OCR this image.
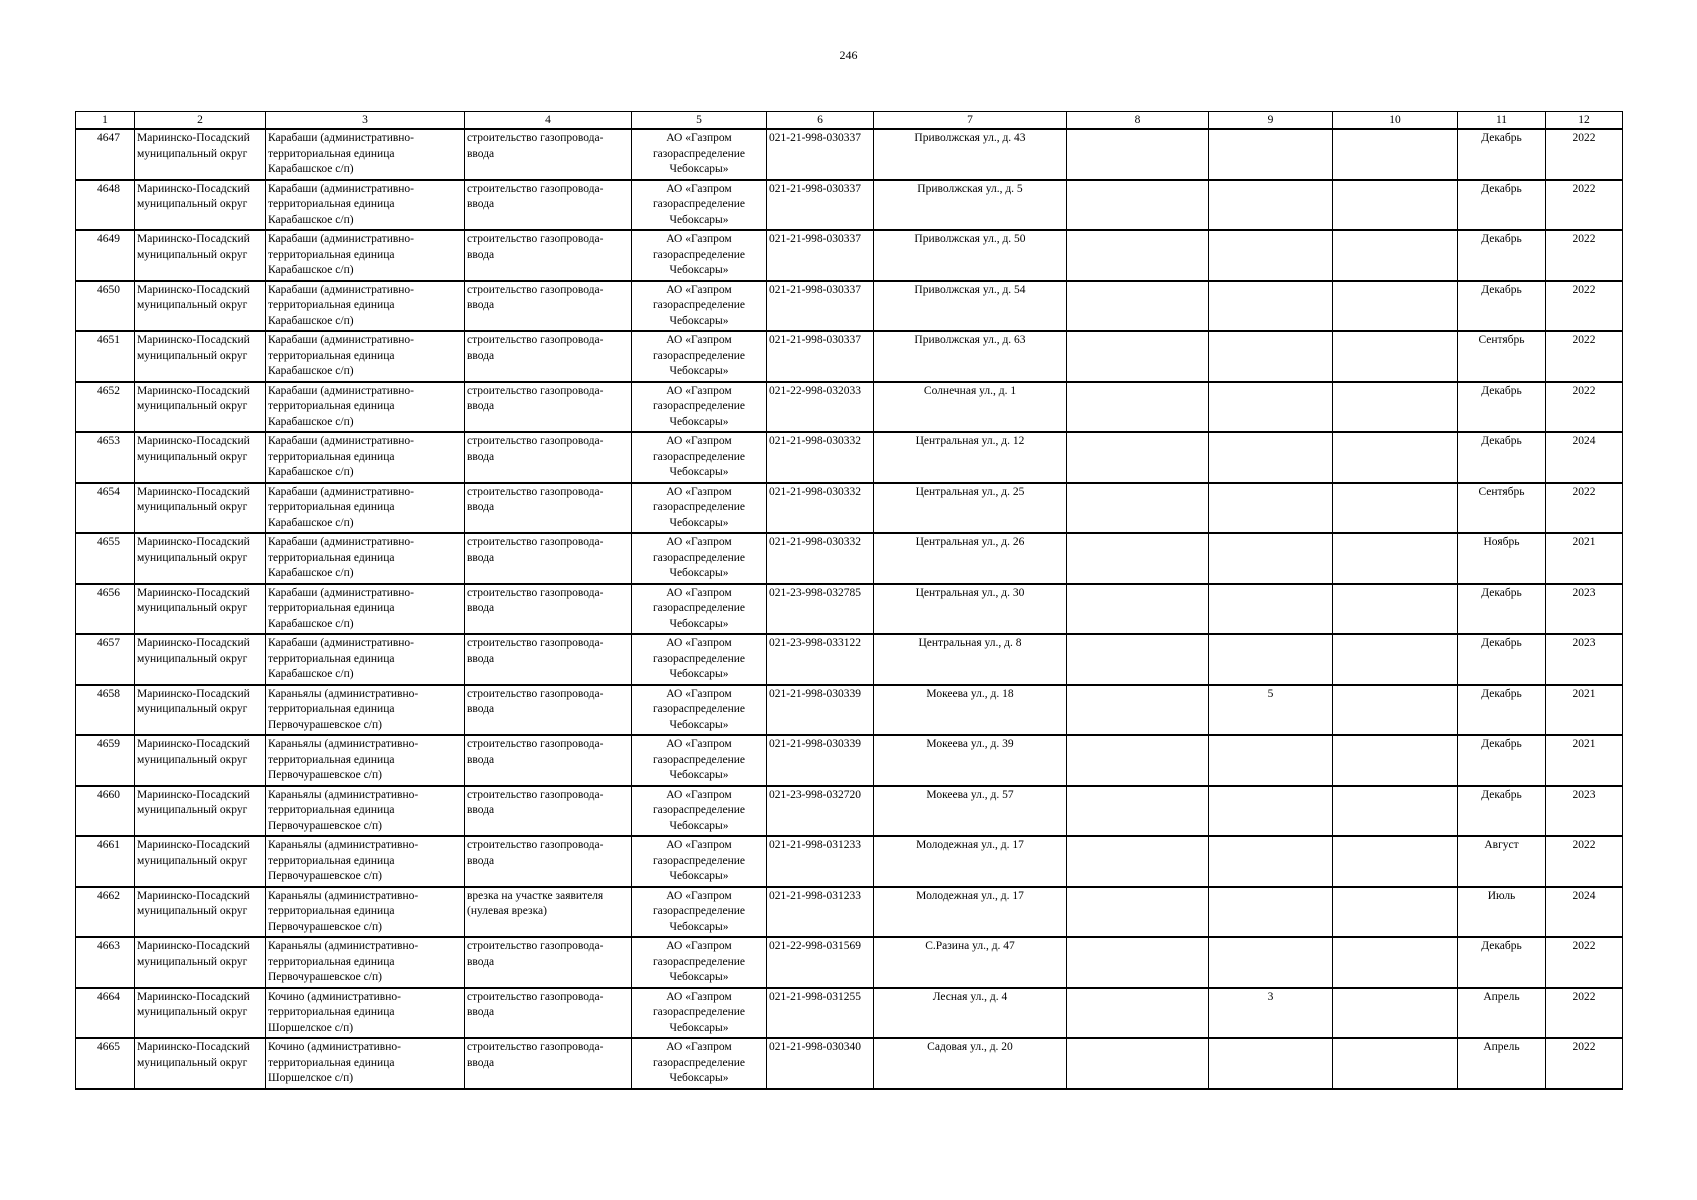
246
1	2	3	4	5	6	7	8	9	10	11	12
4647	Мариинско-Посадский
муниципальный округ	Карабаши (административно-
территориальная единица
Карабашское с/п)	строительство газопровода-
ввода	АО «Газпром
газораспределение
Чебоксары»	021-21-998-030337	Приволжская ул., д. 43				Декабрь	2022
4648	Мариинско-Посадский
муниципальный округ	Карабаши (административно-
территориальная единица
Карабашское с/п)	строительство газопровода-
ввода	АО «Газпром
газораспределение
Чебоксары»	021-21-998-030337	Приволжская ул., д. 5				Декабрь	2022
4649	Мариинско-Посадский
муниципальный округ	Карабаши (административно-
территориальная единица
Карабашское с/п)	строительство газопровода-
ввода	АО «Газпром
газораспределение
Чебоксары»	021-21-998-030337	Приволжская ул., д. 50				Декабрь	2022
4650	Мариинско-Посадский
муниципальный округ	Карабаши (административно-
территориальная единица
Карабашское с/п)	строительство газопровода-
ввода	АО «Газпром
газораспределение
Чебоксары»	021-21-998-030337	Приволжская ул., д. 54				Декабрь	2022
4651	Мариинско-Посадский
муниципальный округ	Карабаши (административно-
территориальная единица
Карабашское с/п)	строительство газопровода-
ввода	АО «Газпром
газораспределение
Чебоксары»	021-21-998-030337	Приволжская ул., д. 63				Сентябрь	2022
4652	Мариинско-Посадский
муниципальный округ	Карабаши (административно-
территориальная единица
Карабашское с/п)	строительство газопровода-
ввода	АО «Газпром
газораспределение
Чебоксары»	021-22-998-032033	Солнечная ул., д. 1				Декабрь	2022
4653	Мариинско-Посадский
муниципальный округ	Карабаши (административно-
территориальная единица
Карабашское с/п)	строительство газопровода-
ввода	АО «Газпром
газораспределение
Чебоксары»	021-21-998-030332	Центральная ул., д. 12				Декабрь	2024
4654	Мариинско-Посадский
муниципальный округ	Карабаши (административно-
территориальная единица
Карабашское с/п)	строительство газопровода-
ввода	АО «Газпром
газораспределение
Чебоксары»	021-21-998-030332	Центральная ул., д. 25				Сентябрь	2022
4655	Мариинско-Посадский
муниципальный округ	Карабаши (административно-
территориальная единица
Карабашское с/п)	строительство газопровода-
ввода	АО «Газпром
газораспределение
Чебоксары»	021-21-998-030332	Центральная ул., д. 26				Ноябрь	2021
4656	Мариинско-Посадский
муниципальный округ	Карабаши (административно-
территориальная единица
Карабашское с/п)	строительство газопровода-
ввода	АО «Газпром
газораспределение
Чебоксары»	021-23-998-032785	Центральная ул., д. 30				Декабрь	2023
4657	Мариинско-Посадский
муниципальный округ	Карабаши (административно-
территориальная единица
Карабашское с/п)	строительство газопровода-
ввода	АО «Газпром
газораспределение
Чебоксары»	021-23-998-033122	Центральная ул., д. 8				Декабрь	2023
4658	Мариинско-Посадский
муниципальный округ	Караньялы (административно-
территориальная единица
Первочурашевское с/п)	строительство газопровода-
ввода	АО «Газпром
газораспределение
Чебоксары»	021-21-998-030339	Мокеева ул., д. 18		5		Декабрь	2021
4659	Мариинско-Посадский
муниципальный округ	Караньялы (административно-
территориальная единица
Первочурашевское с/п)	строительство газопровода-
ввода	АО «Газпром
газораспределение
Чебоксары»	021-21-998-030339	Мокеева ул., д. 39				Декабрь	2021
4660	Мариинско-Посадский
муниципальный округ	Караньялы (административно-
территориальная единица
Первочурашевское с/п)	строительство газопровода-
ввода	АО «Газпром
газораспределение
Чебоксары»	021-23-998-032720	Мокеева ул., д. 57				Декабрь	2023
4661	Мариинско-Посадский
муниципальный округ	Караньялы (административно-
территориальная единица
Первочурашевское с/п)	строительство газопровода-
ввода	АО «Газпром
газораспределение
Чебоксары»	021-21-998-031233	Молодежная ул., д. 17				Август	2022
4662	Мариинско-Посадский
муниципальный округ	Караньялы (административно-
территориальная единица
Первочурашевское с/п)	врезка на участке заявителя
(нулевая врезка)	АО «Газпром
газораспределение
Чебоксары»	021-21-998-031233	Молодежная ул., д. 17				Июль	2024
4663	Мариинско-Посадский
муниципальный округ	Караньялы (административно-
территориальная единица
Первочурашевское с/п)	строительство газопровода-
ввода	АО «Газпром
газораспределение
Чебоксары»	021-22-998-031569	С.Разина ул., д. 47				Декабрь	2022
4664	Мариинско-Посадский
муниципальный округ	Кочино (административно-
территориальная единица
Шоршелское с/п)	строительство газопровода-
ввода	АО «Газпром
газораспределение
Чебоксары»	021-21-998-031255	Лесная ул., д. 4		3		Апрель	2022
4665	Мариинско-Посадский
муниципальный округ	Кочино (административно-
территориальная единица
Шоршелское с/п)	строительство газопровода-
ввода	АО «Газпром
газораспределение
Чебоксары»	021-21-998-030340	Садовая ул., д. 20				Апрель	2022
